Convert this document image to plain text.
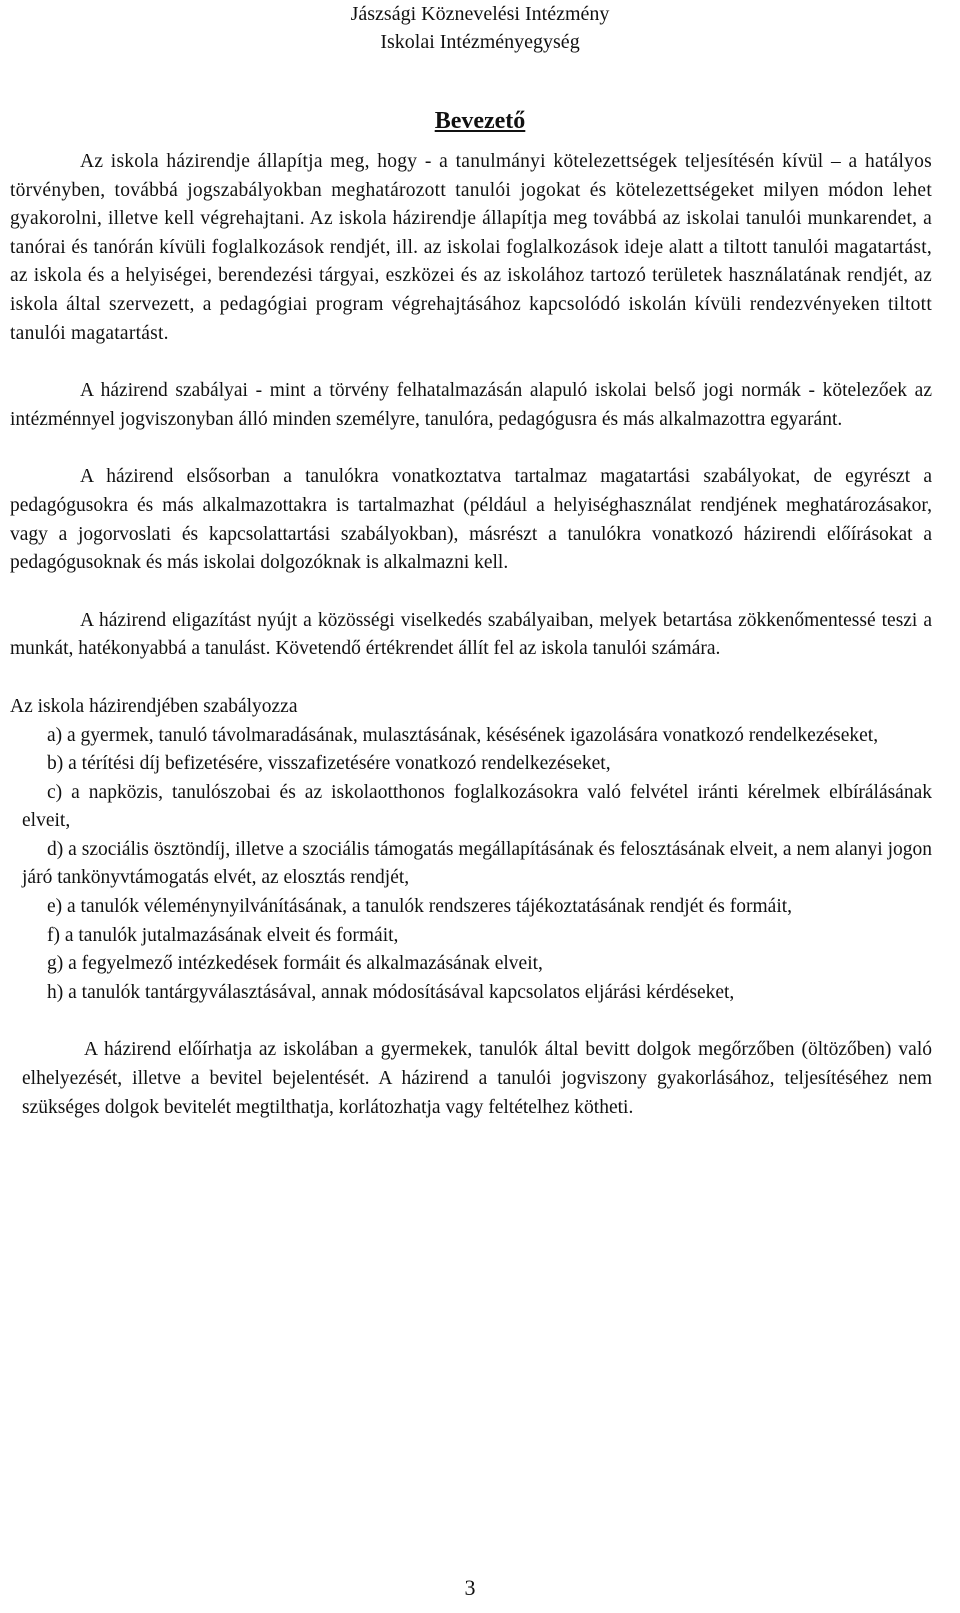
Jászsági Köznevelési Intézmény
Iskolai Intézményegység
Bevezető

Az iskola házirendje állapítja meg, hogy - a tanulmányi kötelezettségek teljesítésén kívül – a hatályos törvényben, továbbá jogszabályokban meghatározott tanulói jogokat és kötelezettségeket milyen módon lehet gyakorolni, illetve kell végrehajtani. Az iskola házirendje állapítja meg továbbá az iskolai tanulói munkarendet, a tanórai és tanórán kívüli foglalkozások rendjét, ill. az iskolai foglalkozások ideje alatt a tiltott tanulói magatartást, az iskola és a helyiségei, berendezési tárgyai, eszközei és az iskolához tartozó területek használatának rendjét, az iskola által szervezett, a pedagógiai program végrehajtásához kapcsolódó iskolán kívüli rendezvényeken tiltott tanulói magatartást.

A házirend szabályai - mint a törvény felhatalmazásán alapuló iskolai belső jogi normák - kötelezőek az intézménnyel jogviszonyban álló minden személyre, tanulóra, pedagógusra és más alkalmazottra egyaránt.

A házirend elsősorban a tanulókra vonatkoztatva tartalmaz magatartási szabályokat, de egyrészt a pedagógusokra és más alkalmazottakra is tartalmazhat (például a helyiséghasználat rendjének meghatározásakor, vagy a jogorvoslati és kapcsolattartási szabályokban), másrészt a tanulókra vonatkozó házirendi előírásokat a pedagógusoknak és más iskolai dolgozóknak is alkalmazni kell.

A házirend eligazítást nyújt a közösségi viselkedés szabályaiban, melyek betartása zökkenőmentessé teszi a munkát, hatékonyabbá a tanulást. Követendő értékrendet állít fel az iskola tanulói számára.

Az iskola házirendjében szabályozza

a) a gyermek, tanuló távolmaradásának, mulasztásának, késésének igazolására vonatkozó rendelkezéseket,

b) a térítési díj befizetésére, visszafizetésére vonatkozó rendelkezéseket,

c) a napközis, tanulószobai és az iskolaotthonos foglalkozásokra való felvétel iránti kérelmek elbírálásának elveit,

d) a szociális ösztöndíj, illetve a szociális támogatás megállapításának és felosztásának elveit, a nem alanyi jogon járó tankönyvtámogatás elvét, az elosztás rendjét,

e) a tanulók véleménynyilvánításának, a tanulók rendszeres tájékoztatásának rendjét és formáit,

f) a tanulók jutalmazásának elveit és formáit,

g) a fegyelmező intézkedések formáit és alkalmazásának elveit,

h) a tanulók tantárgyválasztásával, annak módosításával kapcsolatos eljárási kérdéseket,

A házirend előírhatja az iskolában a gyermekek, tanulók által bevitt dolgok megőrzőben (öltözőben) való elhelyezését, illetve a bevitel bejelentését. A házirend a tanulói jogviszony gyakorlásához, teljesítéséhez nem szükséges dolgok bevitelét megtilthatja, korlátozhatja vagy feltételhez kötheti.

3
